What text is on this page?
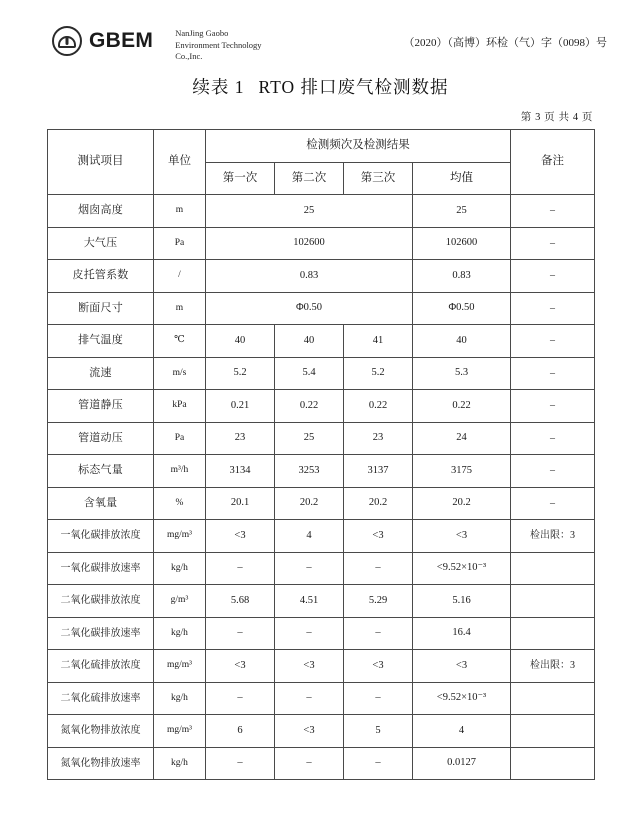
GBEM	NanJing Gaobo
Environment Technology
Co.,Inc.
（2020）（高博）环检（气）字（0098）号
续表 1 RTO 排口废气检测数据
第 3 页 共 4 页
测试项目	单位	检测频次及检测结果				备注
		第一次	第二次	第三次	均值	
烟囱高度	m	25			25	–
大气压	Pa	102600			102600	–
皮托管系数	/	0.83			0.83	–
断面尺寸	m	Φ0.50			Φ0.50	–
排气温度	℃	40	40	41	40	–
流速	m/s	5.2	5.4	5.2	5.3	–
管道静压	kPa	0.21	0.22	0.22	0.22	–
管道动压	Pa	23	25	23	24	–
标态气量	m³/h	3134	3253	3137	3175	–
含氧量	%	20.1	20.2	20.2	20.2	–
一氧化碳排放浓度	mg/m³	<3	4	<3	<3	检出限：3
一氧化碳排放速率	kg/h	–	–	–	<9.52×10⁻³	
二氧化碳排放浓度	g/m³	5.68	4.51	5.29	5.16	
二氧化碳排放速率	kg/h	–	–	–	16.4	
二氧化硫排放浓度	mg/m³	<3	<3	<3	<3	检出限：3
二氧化硫排放速率	kg/h	–	–	–	<9.52×10⁻³	
氮氧化物排放浓度	mg/m³	6	<3	5	4	
氮氧化物排放速率	kg/h	–	–	–	0.0127	
